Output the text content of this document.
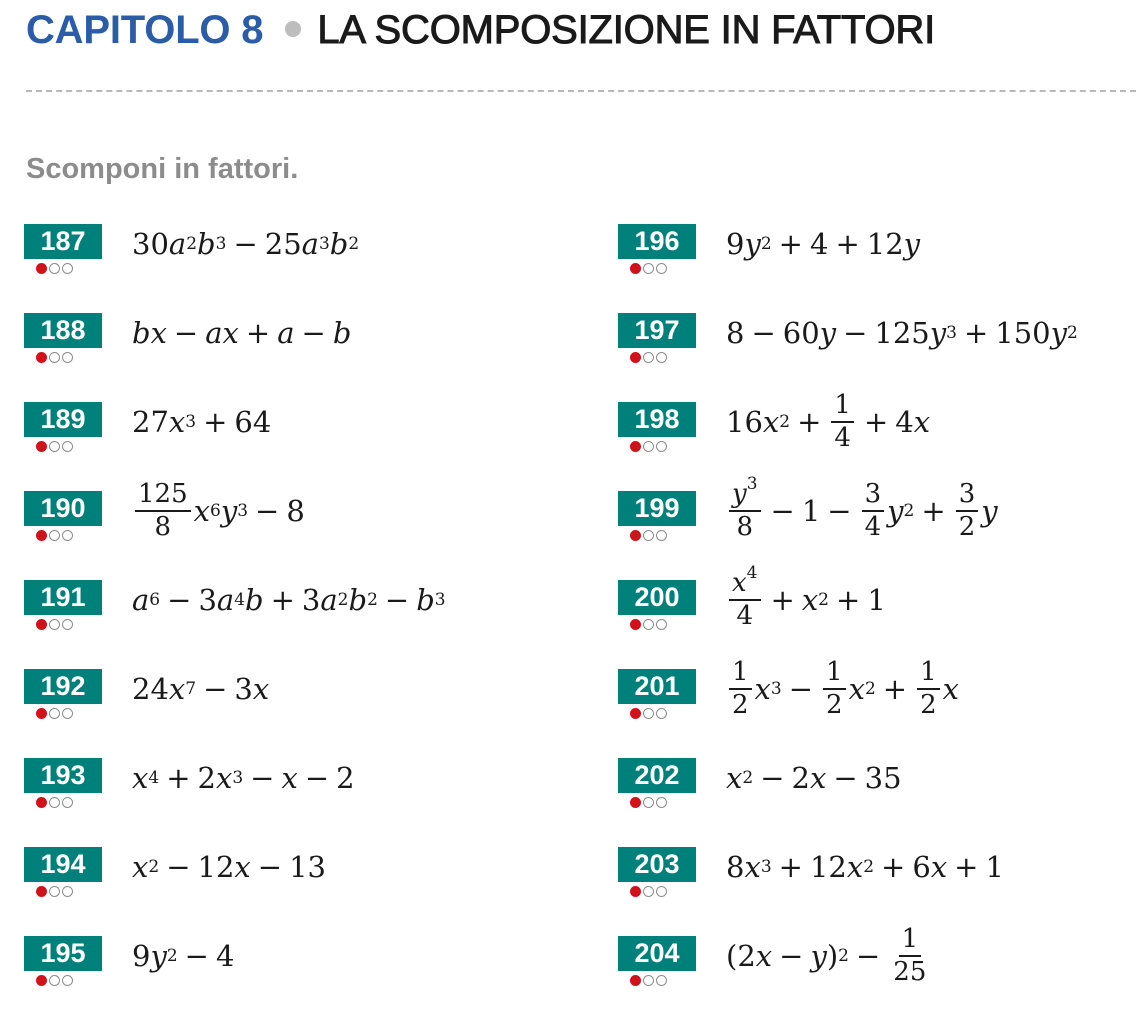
CAPITOLO 8 LA SCOMPOSIZIONE IN FATTORI
Scomponi in fattori.
187	30 a 2 b 3 − 25 a 3 b 2
188	bx − ax + a − b
189	27 x 3 + 64
190	$\frac{125}{8}$ x 6 y 3 − 8
191	a 6 − 3 a 4 b + 3 a 2 b 2 − b 3
192	24 x 7 − 3 x
193	x 4 + 2 x 3 − x − 2
194	x 2 − 12 x − 13
195	9 y 2 − 4
196	9 y 2 + 4 + 12 y
197	8 − 60 y − 125 y 3 + 150 y 2
198	16 x $2 + \frac{1}{4} + 4$ x
199	$\frac{y^3}{8} - 1 - \frac{3}{4}$ y $2 + \frac{3}{2}$ y
200	$\frac{x^4}{4} + x$ 2 + 1
201	$\frac{1}{2}$ x $3 - \frac{1}{2}$ x $2 + \frac{1}{2}$ x
202	x 2 − 2 x − 35
203	8 x 3 + 12 x 2 + 6 x + 1
204	(2 x − y ) $2 - \frac{1}{25}$
